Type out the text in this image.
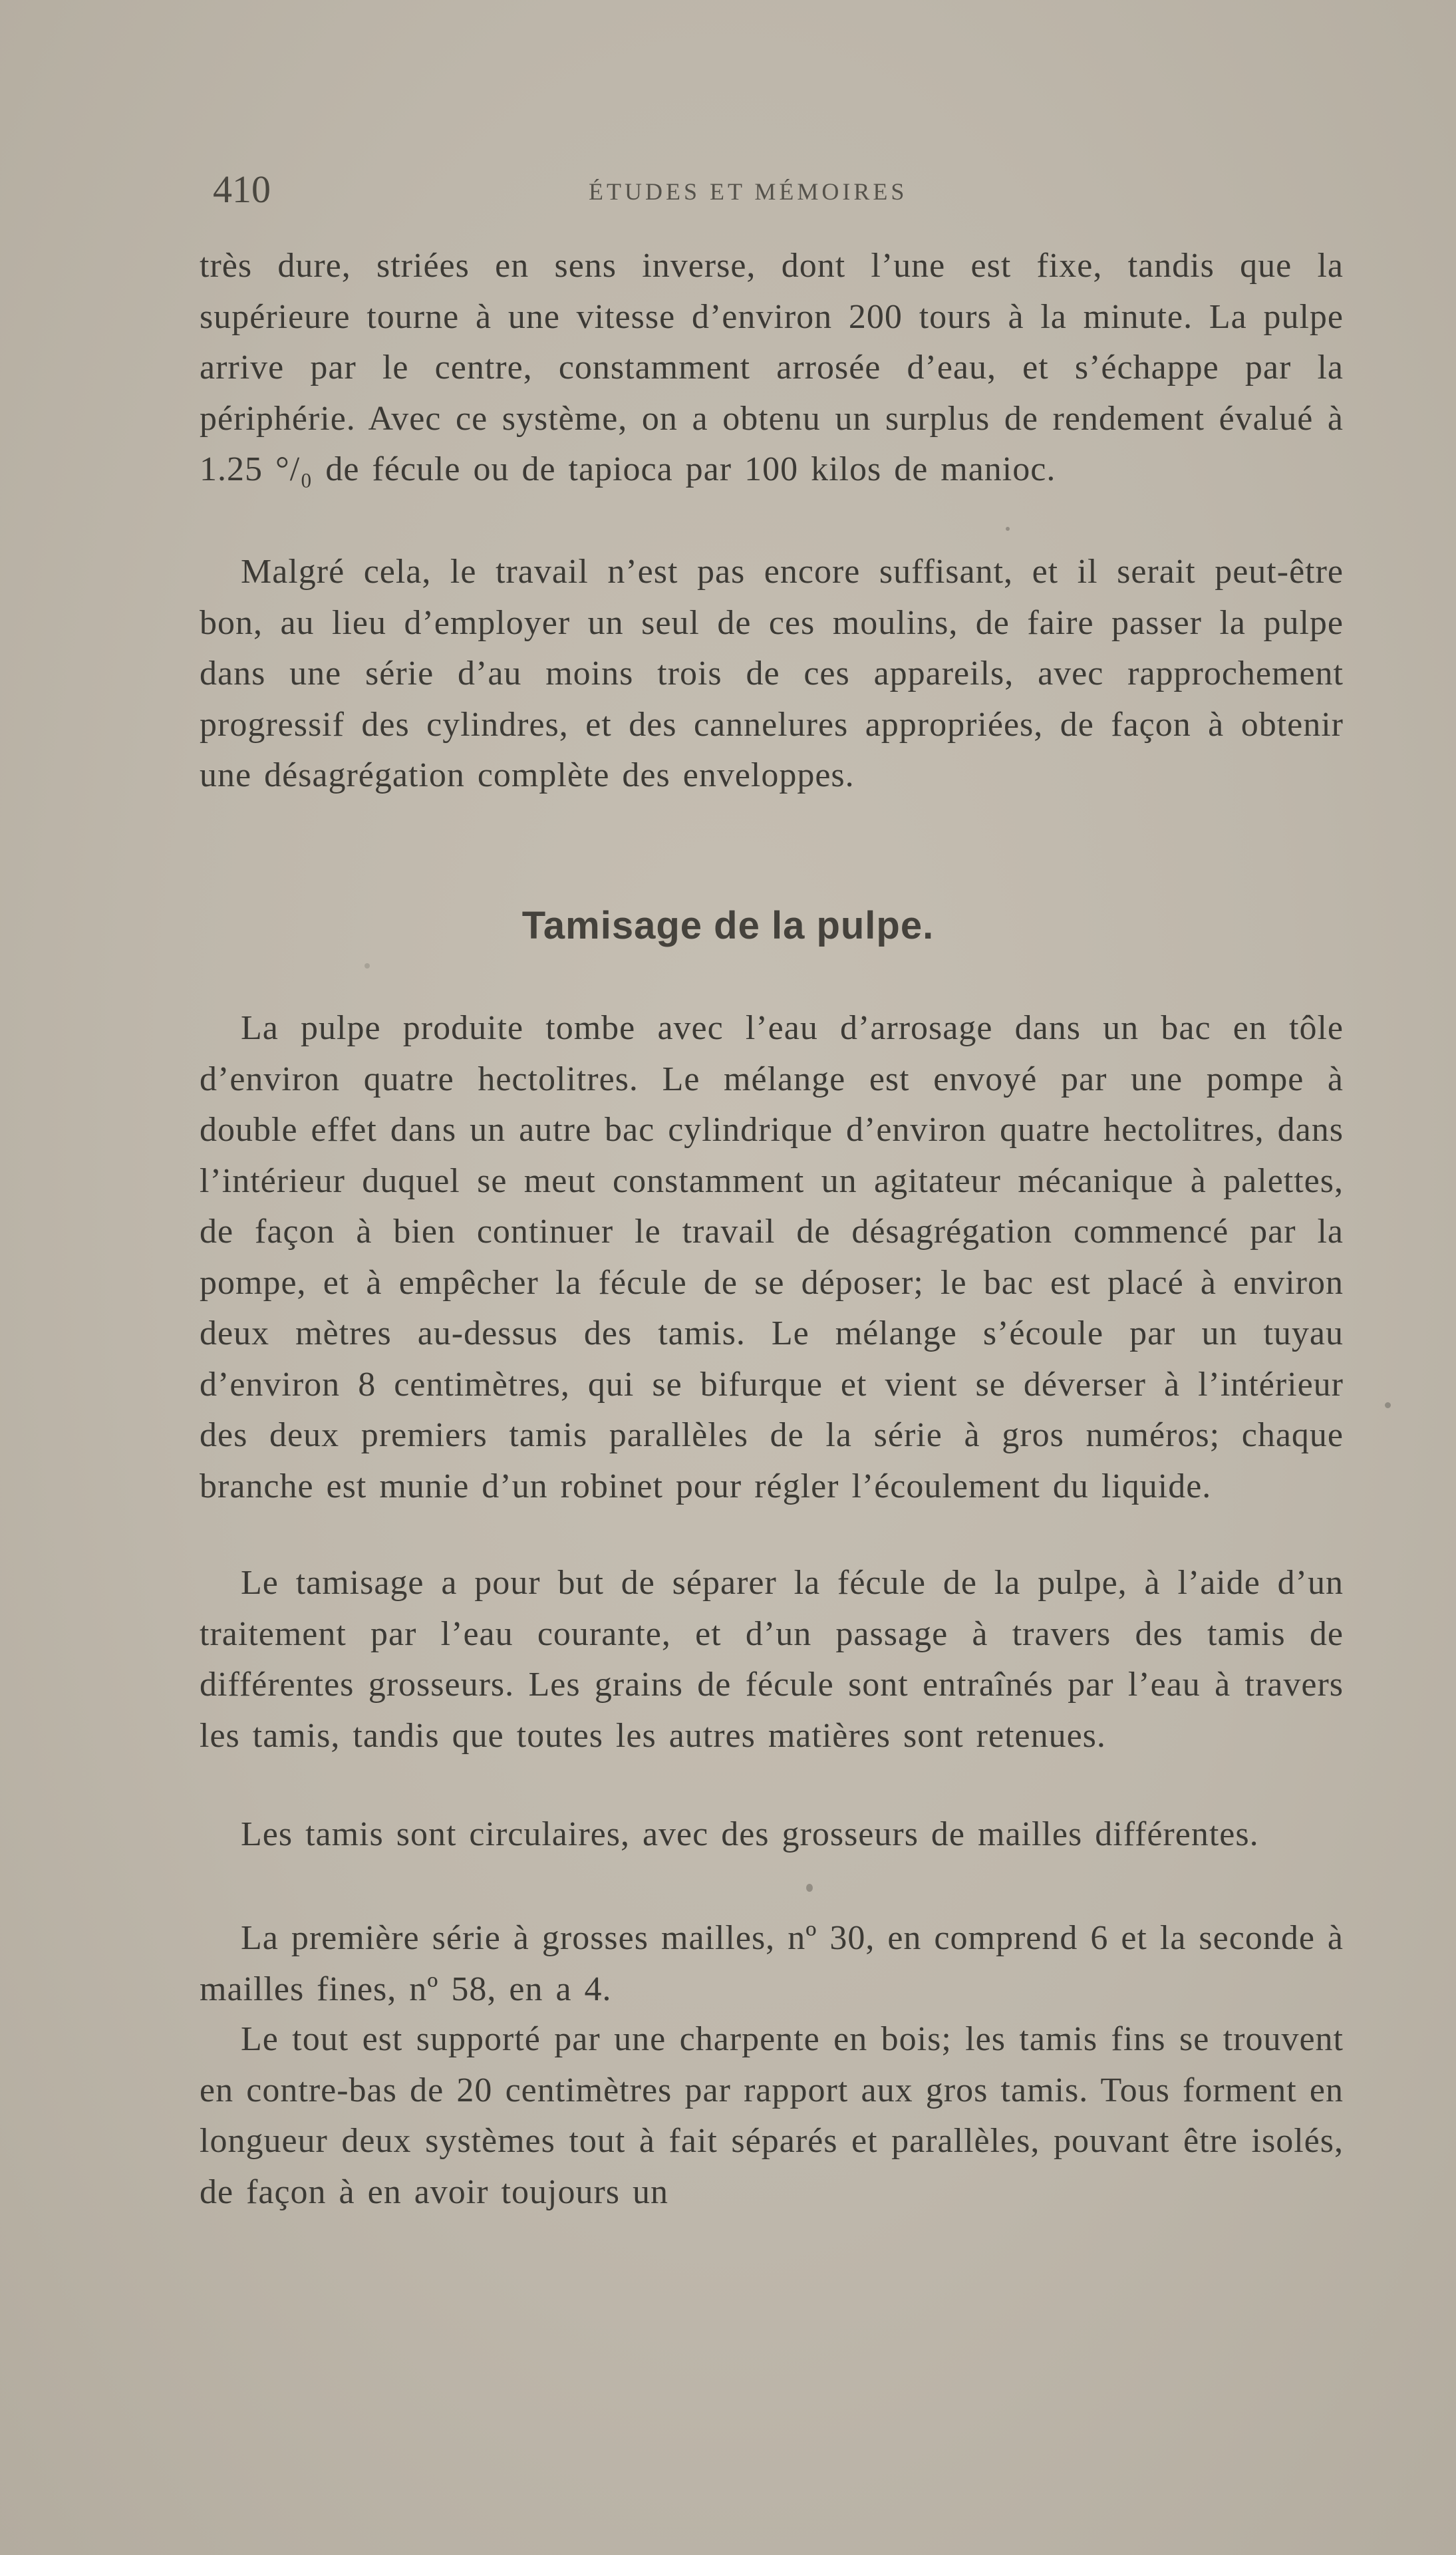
410	ÉTUDES ET MÉMOIRES

très dure, striées en sens inverse, dont l’une est fixe, tandis que la supérieure tourne à une vitesse d’environ 200 tours à la minute. La pulpe arrive par le centre, constamment arrosée d’eau, et s’échappe par la périphérie. Avec ce système, on a obtenu un surplus de rendement évalué à 1.25 °/₀ de fécule ou de tapioca par 100 kilos de manioc.

Malgré cela, le travail n’est pas encore suffisant, et il serait peut-être bon, au lieu d’employer un seul de ces moulins, de faire passer la pulpe dans une série d’au moins trois de ces appareils, avec rapprochement progressif des cylindres, et des cannelures appropriées, de façon à obtenir une désagrégation complète des enveloppes.

Tamisage de la pulpe.

La pulpe produite tombe avec l’eau d’arrosage dans un bac en tôle d’environ quatre hectolitres. Le mélange est envoyé par une pompe à double effet dans un autre bac cylindrique d’environ quatre hectolitres, dans l’intérieur duquel se meut constamment un agitateur mécanique à palettes, de façon à bien continuer le travail de désagrégation commencé par la pompe, et à empêcher la fécule de se déposer; le bac est placé à environ deux mètres au-dessus des tamis. Le mélange s’écoule par un tuyau d’environ 8 centimètres, qui se bifurque et vient se déverser à l’intérieur des deux premiers tamis parallèles de la série à gros numéros; chaque branche est munie d’un robinet pour régler l’écoulement du liquide.

Le tamisage a pour but de séparer la fécule de la pulpe, à l’aide d’un traitement par l’eau courante, et d’un passage à travers des tamis de différentes grosseurs. Les grains de fécule sont entraînés par l’eau à travers les tamis, tandis que toutes les autres matières sont retenues.

Les tamis sont circulaires, avec des grosseurs de mailles différentes.

La première série à grosses mailles, nº 30, en comprend 6 et la seconde à mailles fines, nº 58, en a 4.

Le tout est supporté par une charpente en bois; les tamis fins se trouvent en contre-bas de 20 centimètres par rapport aux gros tamis. Tous forment en longueur deux systèmes tout à fait séparés et parallèles, pouvant être isolés, de façon à en avoir toujours un
